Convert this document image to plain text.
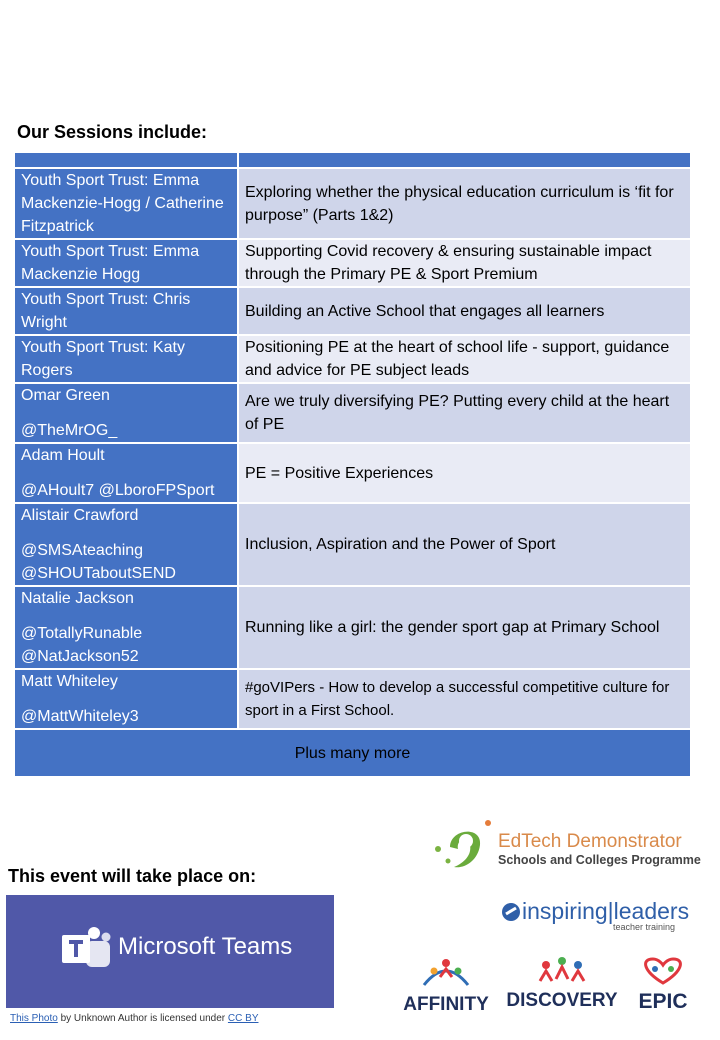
Our Sessions include:

Youth Sport Trust: Emma Mackenzie-Hogg / Catherine Fitzpatrick	Exploring whether the physical education curriculum is ‘fit for purpose” (Parts 1&2)
Youth Sport Trust: Emma Mackenzie Hogg	Supporting Covid recovery & ensuring sustainable impact through the Primary PE & Sport Premium
Youth Sport Trust: Chris Wright	Building an Active School that engages all learners
Youth Sport Trust: Katy Rogers	Positioning PE at the heart of school life - support, guidance and advice for PE subject leads
Omar Green
@TheMrOG_	Are we truly diversifying PE? Putting every child at the heart of PE
Adam Hoult
@AHoult7 @LboroFPSport	PE = Positive Experiences
Alistair Crawford
@SMSAteaching @SHOUTaboutSEND	Inclusion, Aspiration and the Power of Sport
Natalie Jackson
@TotallyRunable @NatJackson52	Running like a girl: the gender sport gap at Primary School
Matt Whiteley
@MattWhiteley3	#goVIPers - How to develop a successful competitive culture for sport in a First School.
Plus many more	
EdTech Demonstrator
Schools and Colleges Programme
inspiring|leaders
teacher training
AFFINITY DISCOVERY EPIC
This event will take place on:
Microsoft Teams
This Photo by Unknown Author is licensed under CC BY
